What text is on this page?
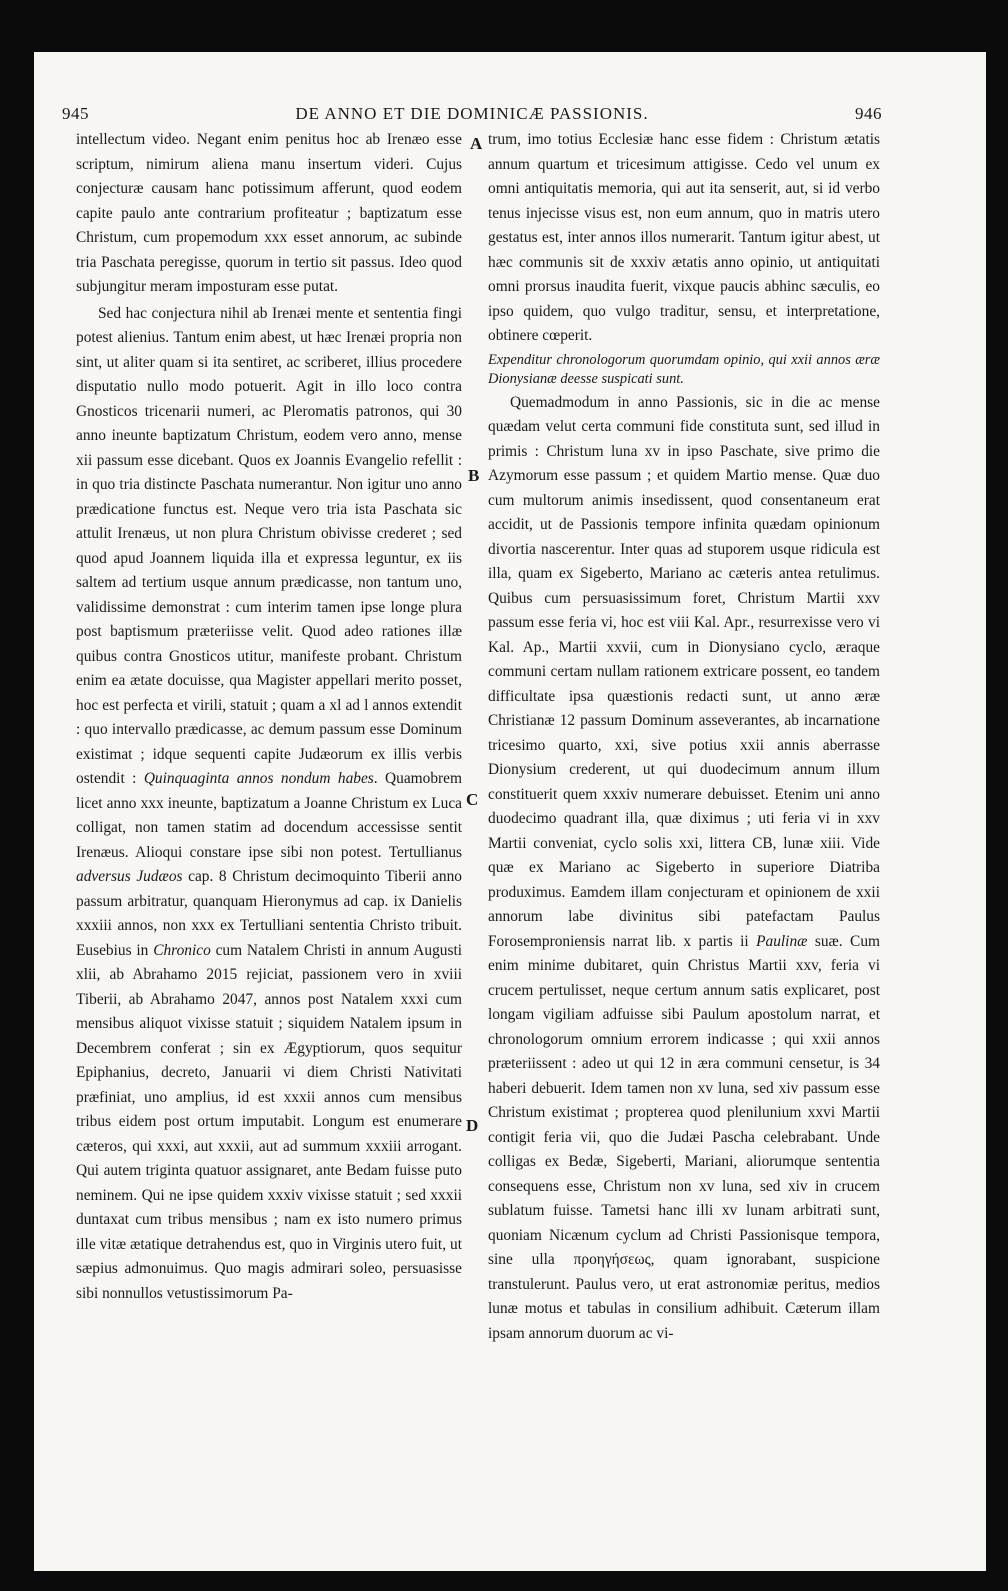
945	DE ANNO ET DIE DOMINICÆ PASSIONIS.	946
A
B
C
D

intellectum video. Negant enim penitus hoc ab Irenæo esse scriptum, nimirum aliena manu insertum videri. Cujus conjecturæ causam hanc potissimum afferunt, quod eodem capite paulo ante contrarium profiteatur ; baptizatum esse Christum, cum propemodum xxx esset annorum, ac subinde tria Paschata peregisse, quorum in tertio sit passus. Ideo quod subjungitur meram imposturam esse putat.

Sed hac conjectura nihil ab Irenæi mente et sententia fingi potest alienius. Tantum enim abest, ut hæc Irenæi propria non sint, ut aliter quam si ita sentiret, ac scriberet, illius procedere disputatio nullo modo potuerit. Agit in illo loco contra Gnosticos tricenarii numeri, ac Pleromatis patronos, qui 30 anno ineunte baptizatum Christum, eodem vero anno, mense xii passum esse dicebant. Quos ex Joannis Evangelio refellit : in quo tria distincte Paschata numerantur. Non igitur uno anno prædicatione functus est. Neque vero tria ista Paschata sic attulit Irenæus, ut non plura Christum obivisse crederet ; sed quod apud Joannem liquida illa et expressa leguntur, ex iis saltem ad tertium usque annum prædicasse, non tantum uno, validissime demonstrat : cum interim tamen ipse longe plura post baptismum præteriisse velit. Quod adeo rationes illæ quibus contra Gnosticos utitur, manifeste probant. Christum enim ea ætate docuisse, qua Magister appellari merito posset, hoc est perfecta et virili, statuit ; quam a xl ad l annos extendit : quo intervallo prædicasse, ac demum passum esse Dominum existimat ; idque sequenti capite Judæorum ex illis verbis ostendit : Quinquaginta annos nondum habes. Quamobrem licet anno xxx ineunte, baptizatum a Joanne Christum ex Luca colligat, non tamen statim ad docendum accessisse sentit Irenæus. Alioqui constare ipse sibi non potest. Tertullianus adversus Judæos cap. 8 Christum decimoquinto Tiberii anno passum arbitratur, quanquam Hieronymus ad cap. ix Danielis xxxiii annos, non xxx ex Tertulliani sententia Christo tribuit. Eusebius in Chronico cum Natalem Christi in annum Augusti xlii, ab Abrahamo 2015 rejiciat, passionem vero in xviii Tiberii, ab Abrahamo 2047, annos post Natalem xxxi cum mensibus aliquot vixisse statuit ; siquidem Natalem ipsum in Decembrem conferat ; sin ex Ægyptiorum, quos sequitur Epiphanius, decreto, Januarii vi diem Christi Nativitati præfiniat, uno amplius, id est xxxii annos cum mensibus tribus eidem post ortum imputabit. Longum est enumerare cæteros, qui xxxi, aut xxxii, aut ad summum xxxiii arrogant. Qui autem triginta quatuor assignaret, ante Bedam fuisse puto neminem. Qui ne ipse quidem xxxiv vixisse statuit ; sed xxxii duntaxat cum tribus mensibus ; nam ex isto numero primus ille vitæ ætatique detrahendus est, quo in Virginis utero fuit, ut sæpius admonuimus. Quo magis admirari soleo, persuasisse sibi nonnullos vetustissimorum Pa-

trum, imo totius Ecclesiæ hanc esse fidem : Christum ætatis annum quartum et tricesimum attigisse. Cedo vel unum ex omni antiquitatis memoria, qui aut ita senserit, aut, si id verbo tenus injecisse visus est, non eum annum, quo in matris utero gestatus est, inter annos illos numerarit. Tantum igitur abest, ut hæc communis sit de xxxiv ætatis anno opinio, ut antiquitati omni prorsus inaudita fuerit, vixque paucis abhinc sæculis, eo ipso quidem, quo vulgo traditur, sensu, et interpretatione, obtinere cœperit.

Expenditur chronologorum quorumdam opinio, qui xxii annos æræ Dionysianæ deesse suspicati sunt.

Quemadmodum in anno Passionis, sic in die ac mense quædam velut certa communi fide constituta sunt, sed illud in primis : Christum luna xv in ipso Paschate, sive primo die Azymorum esse passum ; et quidem Martio mense. Quæ duo cum multorum animis insedissent, quod consentaneum erat accidit, ut de Passionis tempore infinita quædam opinionum divortia nascerentur. Inter quas ad stuporem usque ridicula est illa, quam ex Sigeberto, Mariano ac cæteris antea retulimus. Quibus cum persuasissimum foret, Christum Martii xxv passum esse feria vi, hoc est viii Kal. Apr., resurrexisse vero vi Kal. Ap., Martii xxvii, cum in Dionysiano cyclo, æraque communi certam nullam rationem extricare possent, eo tandem difficultate ipsa quæstionis redacti sunt, ut anno æræ Christianæ 12 passum Dominum asseverantes, ab incarnatione tricesimo quarto, xxi, sive potius xxii annis aberrasse Dionysium crederent, ut qui duodecimum annum illum constituerit quem xxxiv numerare debuisset. Etenim uni anno duodecimo quadrant illa, quæ diximus ; uti feria vi in xxv Martii conveniat, cyclo solis xxi, littera CB, lunæ xiii. Vide quæ ex Mariano ac Sigeberto in superiore Diatriba produximus. Eamdem illam conjecturam et opinionem de xxii annorum labe divinitus sibi patefactam Paulus Forosemproniensis narrat lib. x partis ii Paulinæ suæ. Cum enim minime dubitaret, quin Christus Martii xxv, feria vi crucem pertulisset, neque certum annum satis explicaret, post longam vigiliam adfuisse sibi Paulum apostolum narrat, et chronologorum omnium errorem indicasse ; qui xxii annos præteriissent : adeo ut qui 12 in æra communi censetur, is 34 haberi debuerit. Idem tamen non xv luna, sed xiv passum esse Christum existimat ; propterea quod plenilunium xxvi Martii contigit feria vii, quo die Judæi Pascha celebrabant. Unde colligas ex Bedæ, Sigeberti, Mariani, aliorumque sententia consequens esse, Christum non xv luna, sed xiv in crucem sublatum fuisse. Tametsi hanc illi xv lunam arbitrati sunt, quoniam Nicænum cyclum ad Christi Passionisque tempora, sine ulla προηγήσεως, quam ignorabant, suspicione transtulerunt. Paulus vero, ut erat astronomiæ peritus, medios lunæ motus et tabulas in consilium adhibuit. Cæterum illam ipsam annorum duorum ac vi-
